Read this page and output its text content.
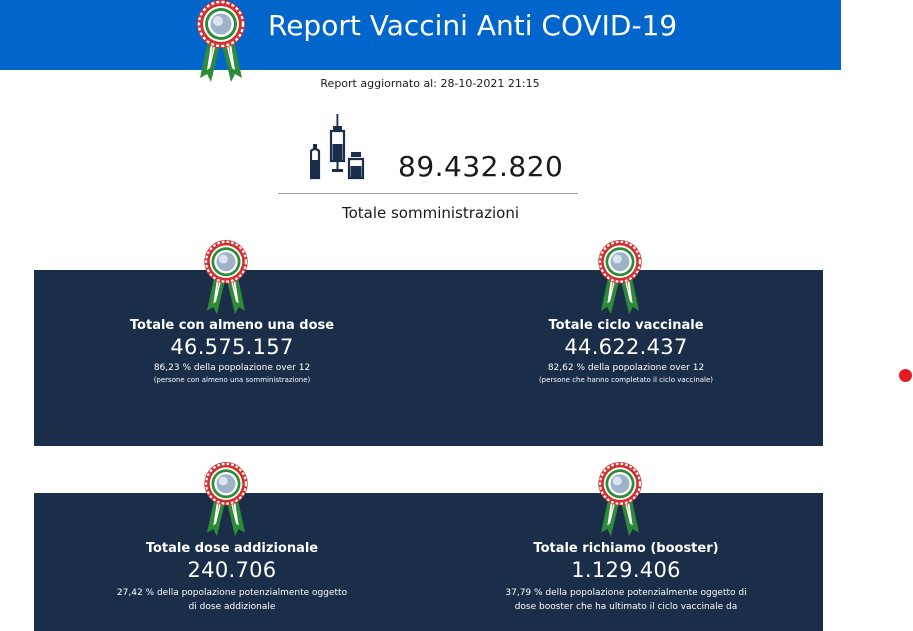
Report Vaccini Anti COVID-19
Report aggiornato al: 28-10-2021 21:15
89.432.820
Totale somministrazioni
Totale con almeno una dose
46.575.157
86,23 % della popolazione over 12
(persone con almeno una somministrazione)
Totale ciclo vaccinale
44.622.437
82,62 % della popolazione over 12
(persone che hanno completato il ciclo vaccinale)
Totale dose addizionale
240.706
27,42 % della popolazione potenzialmente oggetto
di dose addizionale
Totale richiamo (booster)
1.129.406
37,79 % della popolazione potenzialmente oggetto di
dose booster che ha ultimato il ciclo vaccinale da
